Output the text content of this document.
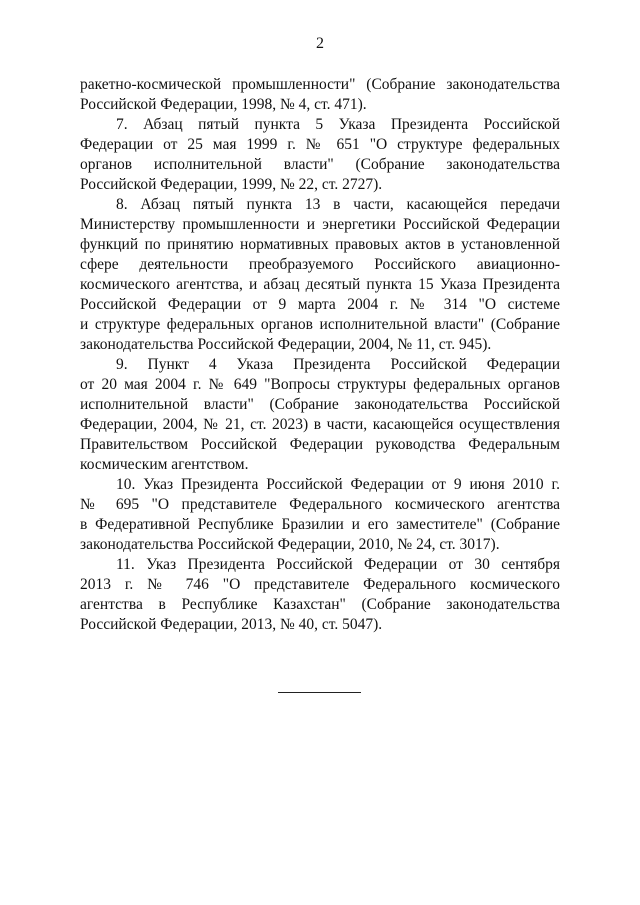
2
ракетно-космической промышленности" (Собрание законодательства
Российской Федерации, 1998, № 4, ст. 471).
7. Абзац пятый пункта 5 Указа Президента Российской
Федерации от 25 мая 1999 г. № 651 "О структуре федеральных
органов исполнительной власти" (Собрание законодательства
Российской Федерации, 1999, № 22, ст. 2727).
8. Абзац пятый пункта 13 в части, касающейся передачи
Министерству промышленности и энергетики Российской Федерации
функций по принятию нормативных правовых актов в установленной
сфере деятельности преобразуемого Российского авиационно-
космического агентства, и абзац десятый пункта 15 Указа Президента
Российской Федерации от 9 марта 2004 г. № 314 "О системе
и структуре федеральных органов исполнительной власти" (Собрание
законодательства Российской Федерации, 2004, № 11, ст. 945).
9. Пункт 4 Указа Президента Российской Федерации
от 20 мая 2004 г. № 649 "Вопросы структуры федеральных органов
исполнительной власти" (Собрание законодательства Российской
Федерации, 2004, № 21, ст. 2023) в части, касающейся осуществления
Правительством Российской Федерации руководства Федеральным
космическим агентством.
10. Указ Президента Российской Федерации от 9 июня 2010 г.
№ 695 "О представителе Федерального космического агентства
в Федеративной Республике Бразилии и его заместителе" (Собрание
законодательства Российской Федерации, 2010, № 24, ст. 3017).
11. Указ Президента Российской Федерации от 30 сентября
2013 г. № 746 "О представителе Федерального космического
агентства в Республике Казахстан" (Собрание законодательства
Российской Федерации, 2013, № 40, ст. 5047).
